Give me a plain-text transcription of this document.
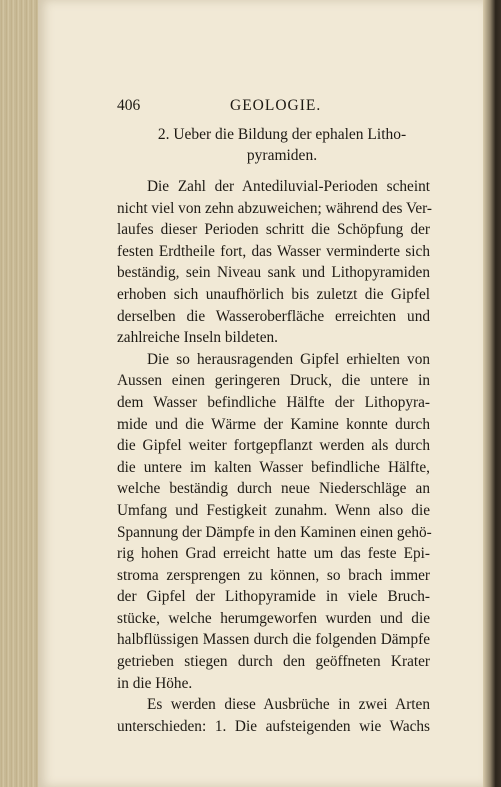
406	GEOLOGIE.
2. Ueber die Bildung der ephalen Litho-
pyramiden.

Die Zahl der Antediluvial-Perioden scheint
nicht viel von zehn abzuweichen; während des Ver-
laufes dieser Perioden schritt die Schöpfung der
festen Erdtheile fort, das Wasser verminderte sich
beständig, sein Niveau sank und Lithopyramiden
erhoben sich unaufhörlich bis zuletzt die Gipfel
derselben die Wasseroberfläche erreichten und
zahlreiche Inseln bildeten.

Die so herausragenden Gipfel erhielten von
Aussen einen geringeren Druck, die untere in
dem Wasser befindliche Hälfte der Lithopyra-
mide und die Wärme der Kamine konnte durch
die Gipfel weiter fortgepflanzt werden als durch
die untere im kalten Wasser befindliche Hälfte,
welche beständig durch neue Niederschläge an
Umfang und Festigkeit zunahm. Wenn also die
Spannung der Dämpfe in den Kaminen einen gehö-
rig hohen Grad erreicht hatte um das feste Epi-
stroma zersprengen zu können, so brach immer
der Gipfel der Lithopyramide in viele Bruch-
stücke, welche herumgeworfen wurden und die
halbflüssigen Massen durch die folgenden Dämpfe
getrieben stiegen durch den geöffneten Krater
in die Höhe.

Es werden diese Ausbrüche in zwei Arten
unterschieden: 1. Die aufsteigenden wie Wachs
